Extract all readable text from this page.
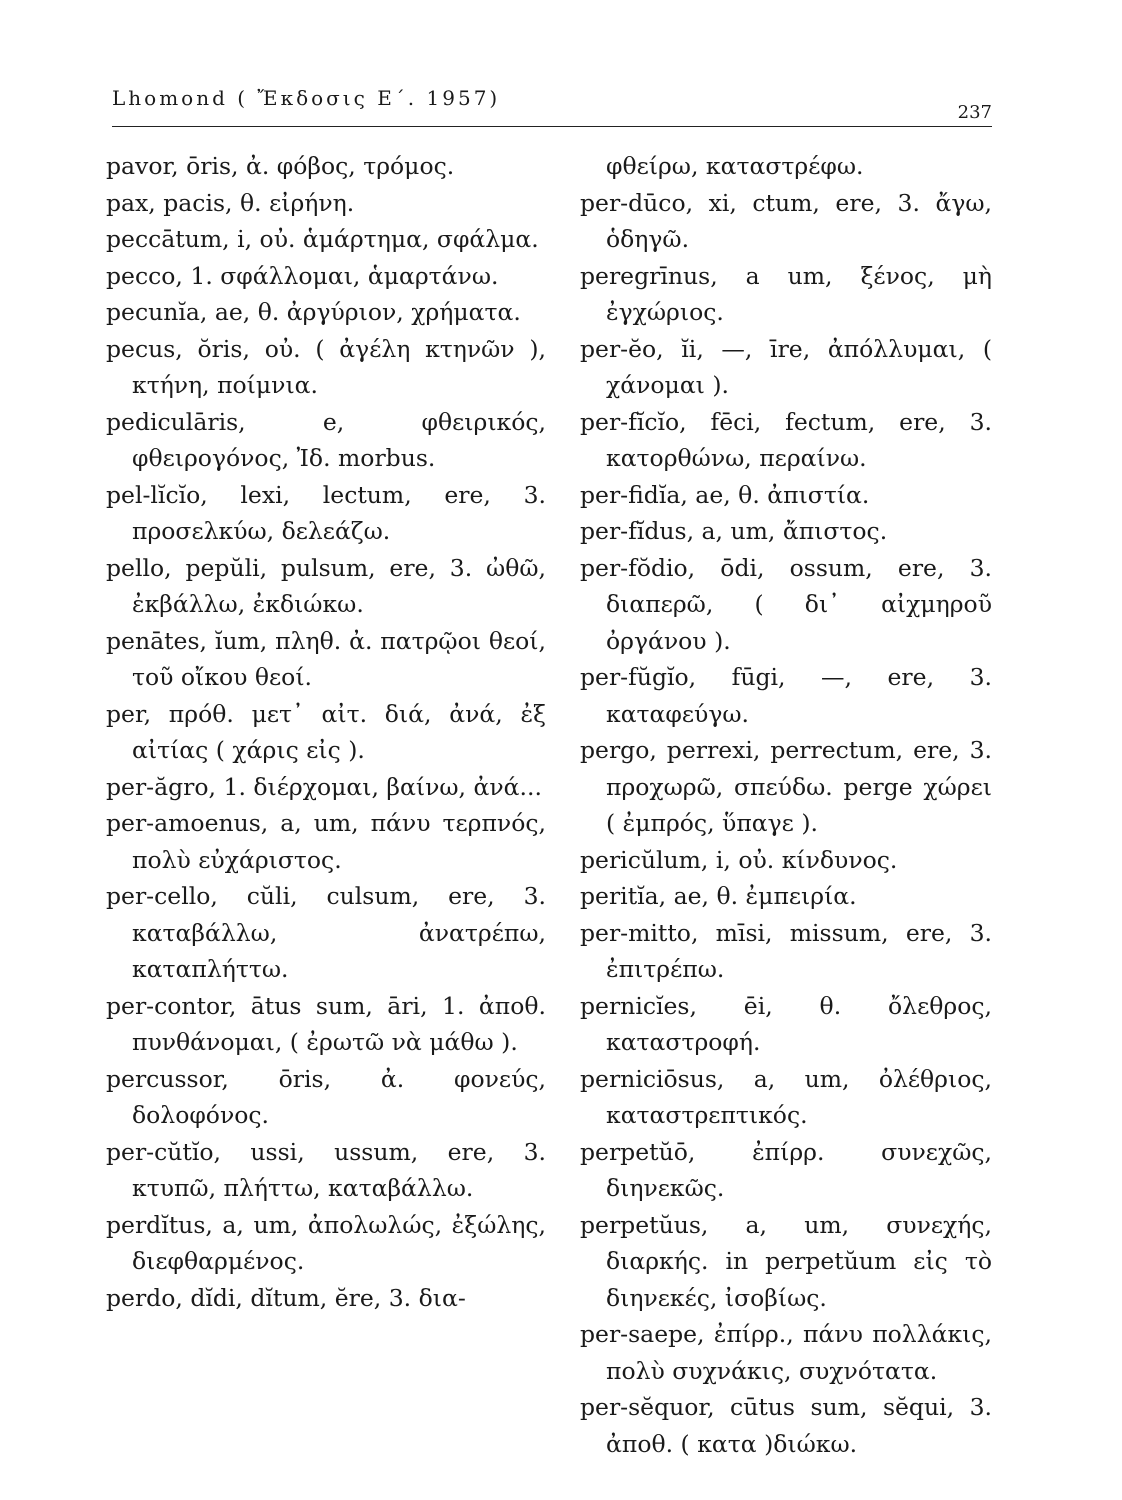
Lhomond ( Ἔκδοσις Ε΄. 1957)
237

pavor, ōris, ἀ. φόβος, τρόμος.

pax, pacis, θ. εἰρήνη.

peccātum, i, οὐ. ἁμάρτημα, σφάλμα.

pecco, 1. σφάλλομαι, ἁμαρτάνω.

pecunĭa, ae, θ. ἀργύριον, χρήματα.

pecus, ŏris, οὐ. ( ἀγέλη κτηνῶν ), κτήνη, ποίμνια.

pediculāris, e, φθειρικός, φθειρογόνος, Ἰδ. morbus.

pel-lĭcĭo, lexi, lectum, ere, 3. προσελκύω, δελεάζω.

pello, pepŭli, pulsum, ere, 3. ὠθῶ, ἐκβάλλω, ἐκδιώκω.

penātes, ĭum, πληθ. ἀ. πατρῷοι θεοί, τοῦ οἴκου θεοί.

per, πρόθ. μετ᾽ αἰτ. διά, ἀνά, ἐξ αἰτίας ( χάρις εἰς ).

per-ăgro, 1. διέρχομαι, βαίνω, ἀνά...

per-amoenus, a, um, πάνυ τερπνός, πολὺ εὐχάριστος.

per-cello, cŭli, culsum, ere, 3. καταβάλλω, ἀνατρέπω, καταπλήττω.

per-contor, ātus sum, āri, 1. ἀποθ. πυνθάνομαι, ( ἐρωτῶ νὰ μάθω ).

percussor, ōris, ἀ. φονεύς, δολοφόνος.

per-cŭtĭo, ussi, ussum, ere, 3. κτυπῶ, πλήττω, καταβάλλω.

perdĭtus, a, um, ἀπολωλώς, ἐξώλης, διεφθαρμένος.

perdo, dĭdi, dĭtum, ĕre, 3. δια-

φθείρω, καταστρέφω.

per-dūco, xi, ctum, ere, 3. ἄγω, ὁδηγῶ.

peregrīnus, a um, ξένος, μὴ ἐγχώριος.

per-ĕo, ĭi, —, īre, ἀπόλλυμαι, ( χάνομαι ).

per-fĭcĭo, fēci, fectum, ere, 3. κατορθώνω, περαίνω.

per-fidĭa, ae, θ. ἀπιστία.

per-fĭdus, a, um, ἄπιστος.

per-fŏdio, ōdi, ossum, ere, 3. διαπερῶ, ( δι᾽ αἰχμηροῦ ὀργάνου ).

per-fŭgĭo, fūgi, —, ere, 3. καταφεύγω.

pergo, perrexi, perrectum, ere, 3. προχωρῶ, σπεύδω. perge χώρει ( ἐμπρός, ὕπαγε ).

pericŭlum, i, οὐ. κίνδυνος.

peritĭa, ae, θ. ἐμπειρία.

per-mitto, mīsi, missum, ere, 3. ἐπιτρέπω.

pernicĭes, ēi, θ. ὄλεθρος, καταστροφή.

perniciōsus, a, um, ὀλέθριος, καταστρεπτικός.

perpetŭō, ἐπίρρ. συνεχῶς, διηνεκῶς.

perpetŭus, a, um, συνεχής, διαρκής. in perpetŭum εἰς τὸ διηνεκές, ἰσοβίως.

per-saepe, ἐπίρρ., πάνυ πολλάκις, πολὺ συχνάκις, συχνότατα.

per-sĕquor, cūtus sum, sĕqui, 3. ἀποθ. ( κατα )διώκω.
